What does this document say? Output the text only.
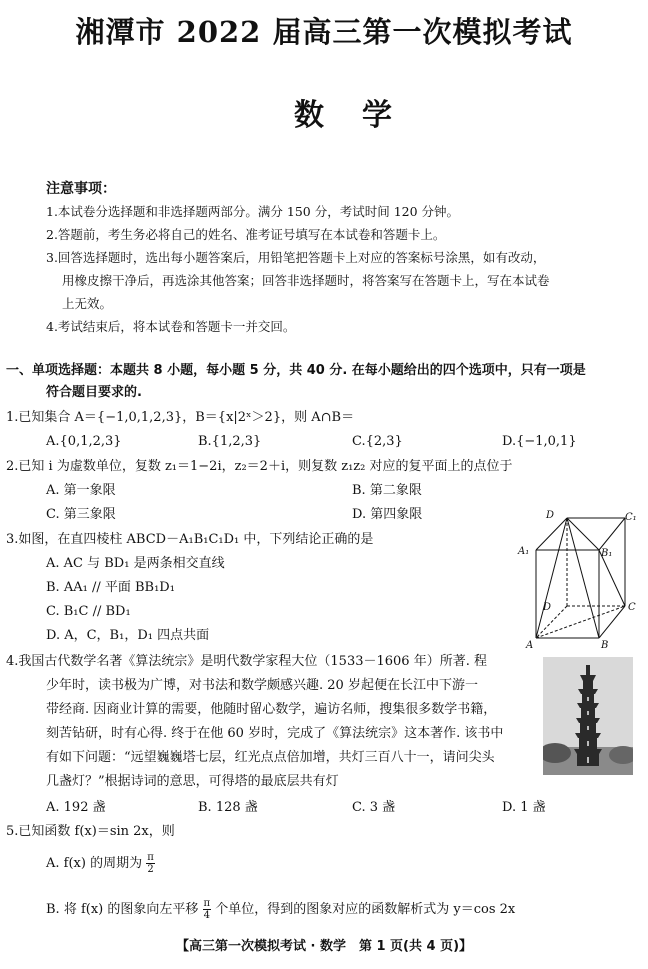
湘潭市 2022 届高三第一次模拟考试
数学
注意事项：
1.本试卷分选择题和非选择题两部分。满分 150 分，考试时间 120 分钟。
2.答题前，考生务必将自己的姓名、准考证号填写在本试卷和答题卡上。
3.回答选择题时，选出每小题答案后，用铅笔把答题卡上对应的答案标号涂黑，如有改动，
用橡皮擦干净后，再选涂其他答案；回答非选择题时，将答案写在答题卡上，写在本试卷
上无效。
4.考试结束后，将本试卷和答题卡一并交回。
一、单项选择题：本题共 8 小题，每小题 5 分，共 40 分. 在每小题给出的四个选项中，只有一项是
符合题目要求的.
1.已知集合 A＝{−1,0,1,2,3}，B＝{x|2ˣ＞2}，则 A∩B＝
A.{0,1,2,3}	B.{1,2,3}	C.{2,3}	D.{−1,0,1}
2.已知 i 为虚数单位，复数 z₁＝1−2i，z₂＝2＋i，则复数 z₁z₂ 对应的复平面上的点位于
A. 第一象限	B. 第二象限
C. 第三象限	D. 第四象限
3.如图，在直四棱柱 ABCD－A₁B₁C₁D₁ 中，下列结论正确的是
A. AC 与 BD₁ 是两条相交直线
B. AA₁ // 平面 BB₁D₁
C. B₁C // BD₁
D. A，C，B₁，D₁ 四点共面
D	C₁
A₁	B₁
D	C
A	B
4.我国古代数学名著《算法统宗》是明代数学家程大位（1533－1606 年）所著. 程
少年时，读书极为广博，对书法和数学颇感兴趣. 20 岁起便在长江中下游一
带经商. 因商业计算的需要，他随时留心数学，遍访名师，搜集很多数学书籍，
刻苦钻研，时有心得. 终于在他 60 岁时，完成了《算法统宗》这本著作. 该书中
有如下问题：“远望巍巍塔七层，红光点点倍加增，共灯三百八十一，请问尖头
几盏灯？”根据诗词的意思，可得塔的最底层共有灯
A. 192 盏	B. 128 盏	C. 3 盏	D. 1 盏
5.已知函数 f(x)＝sin 2x，则
A. f(x) 的周期为 $\frac{\pi}{2}$
B. 将 f(x) 的图象向左平移 $\frac{\pi}{4}$ 个单位，得到的图象对应的函数解析式为 y＝cos 2x
【高三第一次模拟考试 · 数学　第 1 页(共 4 页)】
